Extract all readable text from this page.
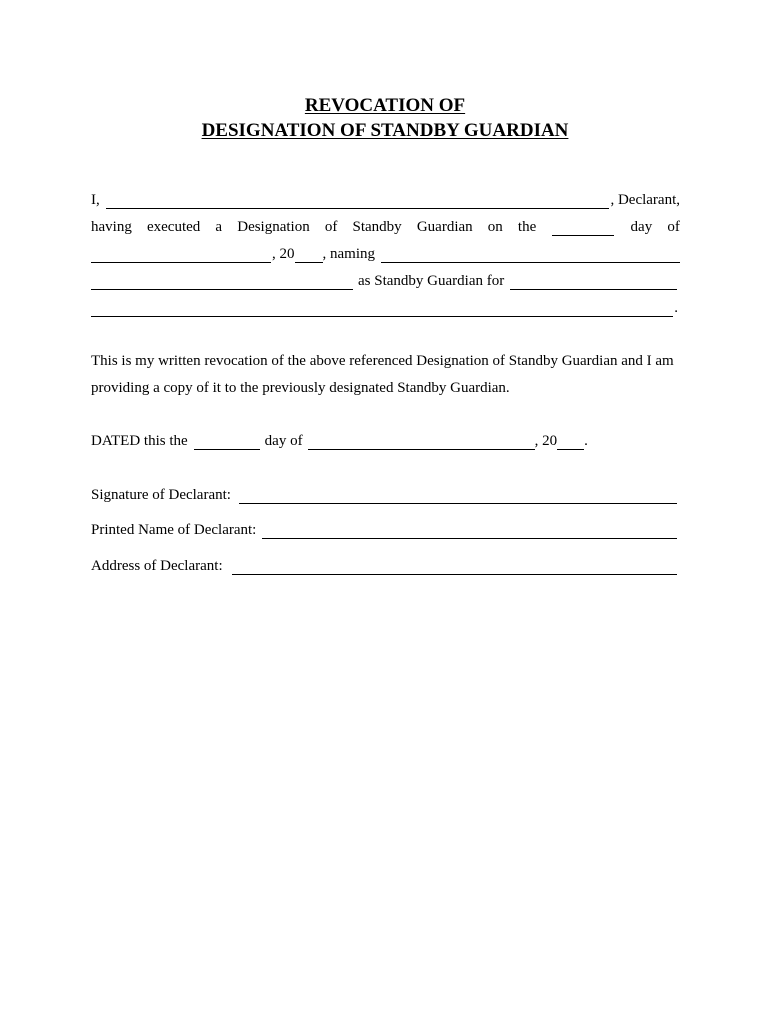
REVOCATION OF
DESIGNATION OF STANDBY GUARDIAN
I,	, Declarant,
having executed a Designation of Standby Guardian on the	day of
, 20 , naming
as Standby Guardian for
.
This is my written revocation of the above referenced Designation of Standby Guardian and I am
providing a copy of it to the previously designated Standby Guardian.
DATED this the	day of	, 20 .
Signature of Declarant:
Printed Name of Declarant:
Address of Declarant:
